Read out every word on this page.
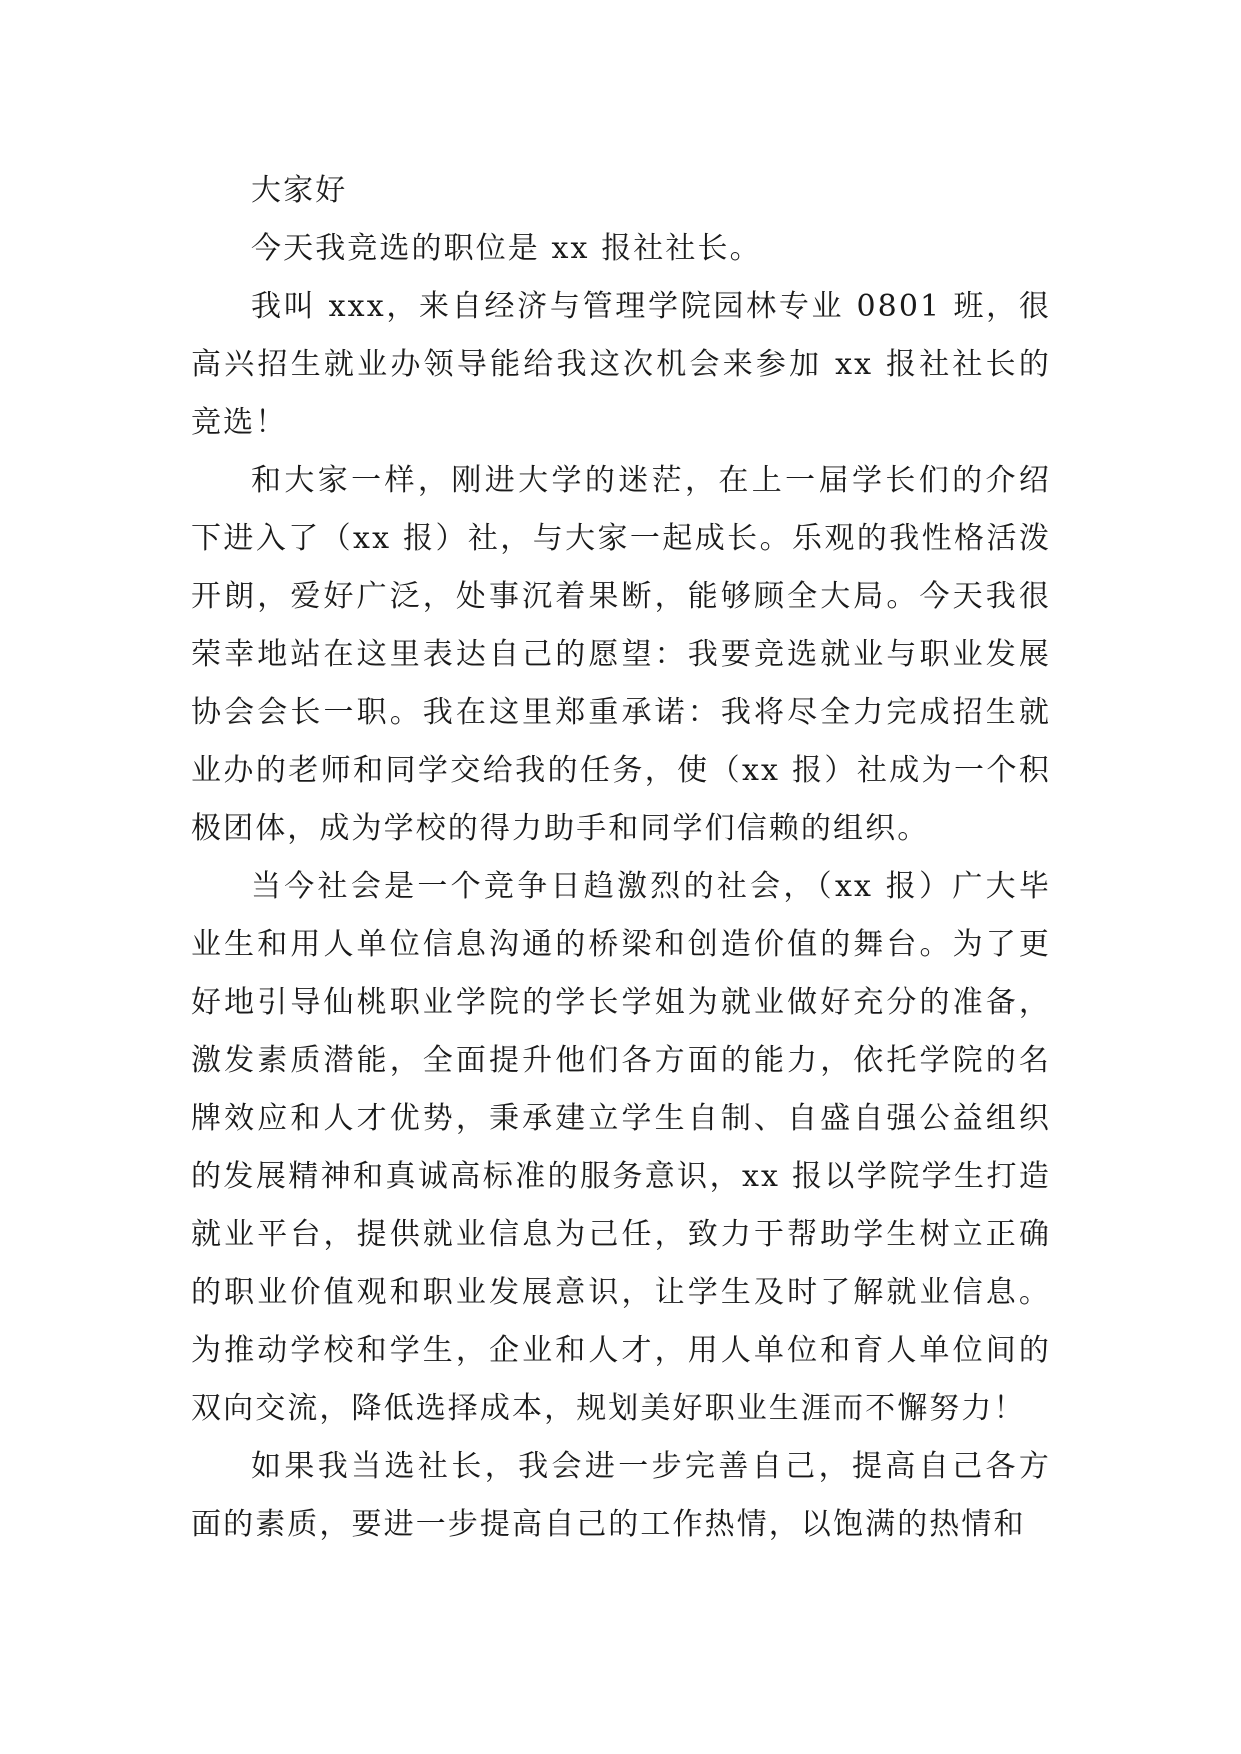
大家好

今天我竞选的职位是 xx 报社社长。

我叫 xxx，来自经济与管理学院园林专业 0801 班，很高兴招生就业办领导能给我这次机会来参加 xx 报社社长的竞选！

和大家一样，刚进大学的迷茫，在上一届学长们的介绍下进入了（xx 报）社，与大家一起成长。乐观的我性格活泼开朗，爱好广泛，处事沉着果断，能够顾全大局。今天我很荣幸地站在这里表达自己的愿望：我要竞选就业与职业发展协会会长一职。我在这里郑重承诺：我将尽全力完成招生就业办的老师和同学交给我的任务，使（xx 报）社成为一个积极团体，成为学校的得力助手和同学们信赖的组织。

当今社会是一个竞争日趋激烈的社会，（xx 报）广大毕业生和用人单位信息沟通的桥梁和创造价值的舞台。为了更好地引导仙桃职业学院的学长学姐为就业做好充分的准备，激发素质潜能，全面提升他们各方面的能力，依托学院的名牌效应和人才优势，秉承建立学生自制、自盛自强公益组织的发展精神和真诚高标准的服务意识，xx 报以学院学生打造就业平台，提供就业信息为己任，致力于帮助学生树立正确的职业价值观和职业发展意识，让学生及时了解就业信息。为推动学校和学生，企业和人才，用人单位和育人单位间的双向交流，降低选择成本，规划美好职业生涯而不懈努力！

如果我当选社长，我会进一步完善自己，提高自己各方面的素质，要进一步提高自己的工作热情，以饱满的热情和
